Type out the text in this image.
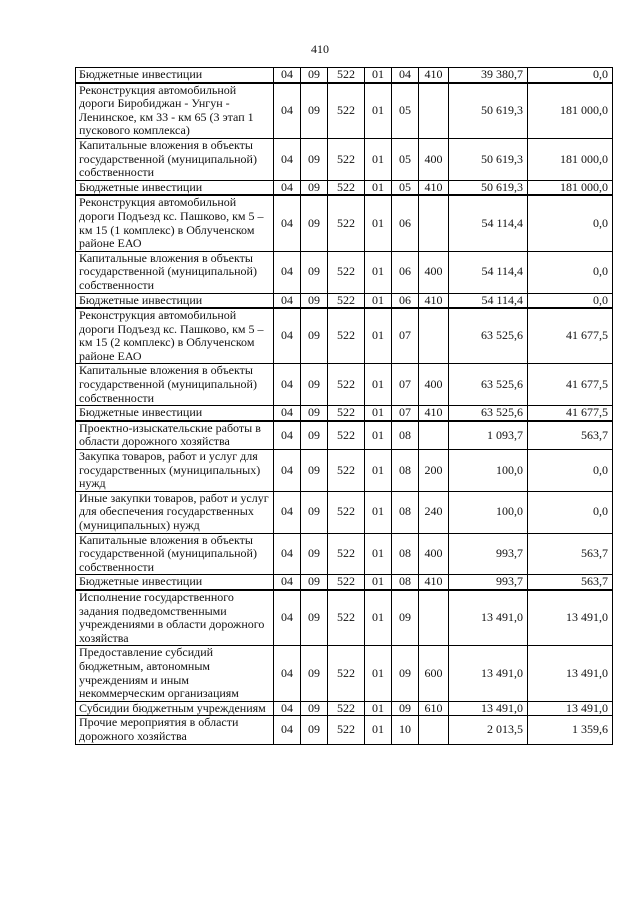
410
Бюджетные инвестиции	04	09	522	01	04	410	39 380,7	0,0
Реконструкция автомобильной дороги Биробиджан - Унгун - Ленинское, км 33 - км 65 (3 этап 1 пускового комплекса)	04	09	522	01	05		50 619,3	181 000,0
Капитальные вложения в объекты государственной (муниципальной) собственности	04	09	522	01	05	400	50 619,3	181 000,0
Бюджетные инвестиции	04	09	522	01	05	410	50 619,3	181 000,0
Реконструкция автомобильной дороги Подъезд кс. Пашково, км 5 – км 15 (1 комплекс) в Облученском районе ЕАО	04	09	522	01	06		54 114,4	0,0
Капитальные вложения в объекты государственной (муниципальной) собственности	04	09	522	01	06	400	54 114,4	0,0
Бюджетные инвестиции	04	09	522	01	06	410	54 114,4	0,0
Реконструкция автомобильной дороги Подъезд кс. Пашково, км 5 – км 15 (2 комплекс) в Облученском районе ЕАО	04	09	522	01	07		63 525,6	41 677,5
Капитальные вложения в объекты государственной (муниципальной) собственности	04	09	522	01	07	400	63 525,6	41 677,5
Бюджетные инвестиции	04	09	522	01	07	410	63 525,6	41 677,5
Проектно-изыскательские работы в области дорожного хозяйства	04	09	522	01	08		1 093,7	563,7
Закупка товаров, работ и услуг для государственных (муниципальных) нужд	04	09	522	01	08	200	100,0	0,0
Иные закупки товаров, работ и услуг для обеспечения государственных (муниципальных) нужд	04	09	522	01	08	240	100,0	0,0
Капитальные вложения в объекты государственной (муниципальной) собственности	04	09	522	01	08	400	993,7	563,7
Бюджетные инвестиции	04	09	522	01	08	410	993,7	563,7
Исполнение государственного задания подведомственными учреждениями в области дорожного хозяйства	04	09	522	01	09		13 491,0	13 491,0
Предоставление субсидий бюджетным, автономным учреждениям и иным некоммерческим организациям	04	09	522	01	09	600	13 491,0	13 491,0
Субсидии бюджетным учреждениям	04	09	522	01	09	610	13 491,0	13 491,0
Прочие мероприятия в области дорожного хозяйства	04	09	522	01	10		2 013,5	1 359,6
